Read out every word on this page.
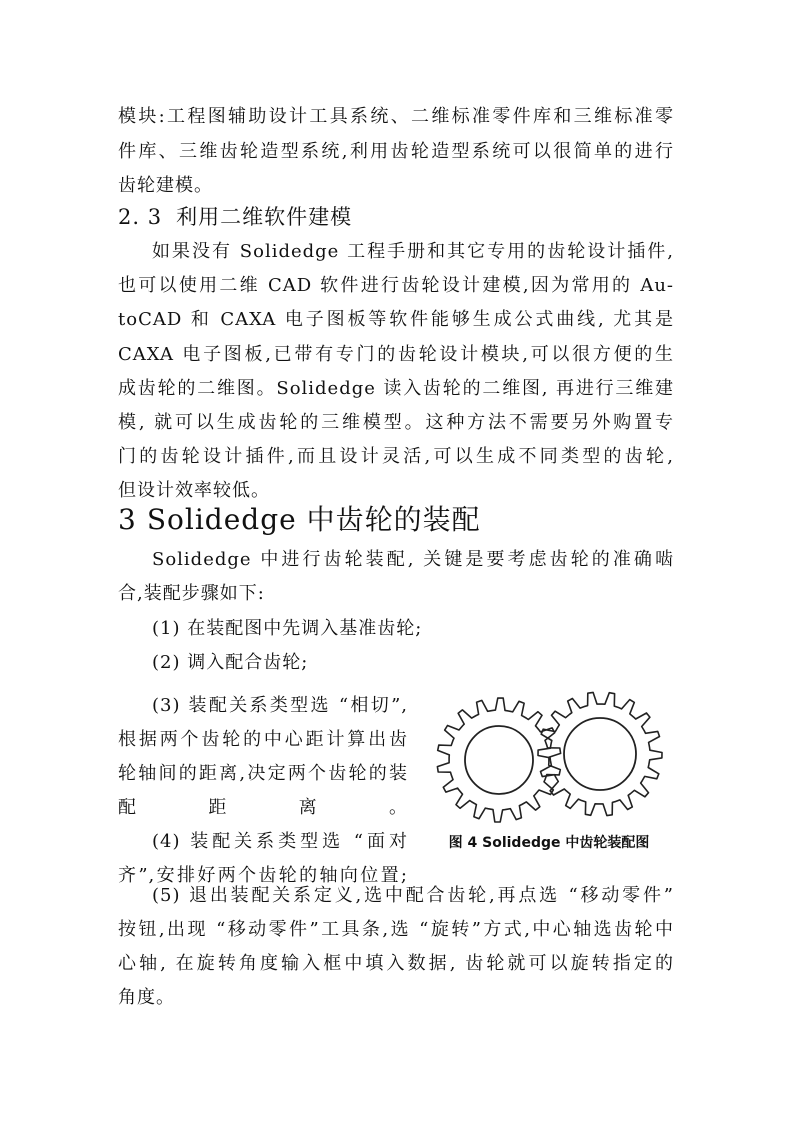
模块:工程图辅助设计工具系统、二维标准零件库和三维标准零
件库、三维齿轮造型系统,利用齿轮造型系统可以很简单的进行
齿轮建模。
2. 3 利用二维软件建模
如果没有 Solidedge 工程手册和其它专用的齿轮设计插件,
也可以使用二维 CAD 软件进行齿轮设计建模,因为常用的 Au-
toCAD 和 CAXA 电子图板等软件能够生成公式曲线, 尤其是
CAXA 电子图板,已带有专门的齿轮设计模块,可以很方便的生
成齿轮的二维图。Solidedge 读入齿轮的二维图, 再进行三维建
模, 就可以生成齿轮的三维模型。这种方法不需要另外购置专
门的齿轮设计插件,而且设计灵活,可以生成不同类型的齿轮,
但设计效率较低。
3 Solidedge 中齿轮的装配
Solidedge 中进行齿轮装配, 关键是要考虑齿轮的准确啮
合,装配步骤如下:
(1) 在装配图中先调入基准齿轮;
(2) 调入配合齿轮;
(3) 装配关系类型选 “相切”,
根据两个齿轮的中心距计算出齿
轮轴间的距离,决定两个齿轮的装
配距离。
(4) 装配关系类型选 “面对
齐”,安排好两个齿轮的轴向位置;
图 4 Solidedge 中齿轮装配图
(5) 退出装配关系定义,选中配合齿轮,再点选 “移动零件”
按钮,出现 “移动零件”工具条,选 “旋转”方式,中心轴选齿轮中
心轴, 在旋转角度输入框中填入数据, 齿轮就可以旋转指定的
角度。
